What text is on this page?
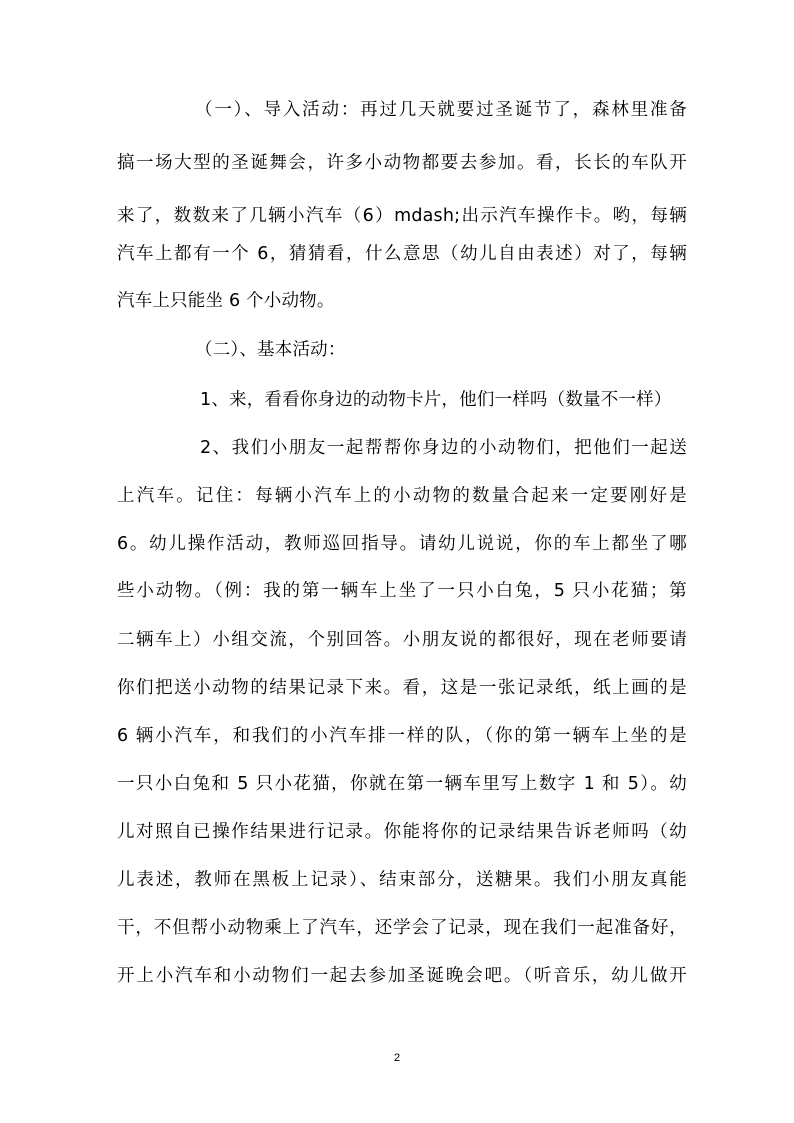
（一）、导入活动：再过几天就要过圣诞节了，森林里准备
搞一场大型的圣诞舞会，许多小动物都要去参加。看，长长的车队开
来了，数数来了几辆小汽车（6）mdash;出示汽车操作卡。哟，每辆
汽车上都有一个 6，猜猜看，什么意思（幼儿自由表述）对了，每辆
汽车上只能坐 6 个小动物。
（二）、基本活动：
1、来，看看你身边的动物卡片，他们一样吗（数量不一样）
2、我们小朋友一起帮帮你身边的小动物们，把他们一起送
上汽车。记住：每辆小汽车上的小动物的数量合起来一定要刚好是
6。幼儿操作活动，教师巡回指导。请幼儿说说，你的车上都坐了哪
些小动物。（例：我的第一辆车上坐了一只小白兔，5 只小花猫；第
二辆车上）小组交流，个别回答。小朋友说的都很好，现在老师要请
你们把送小动物的结果记录下来。看，这是一张记录纸，纸上画的是
6 辆小汽车，和我们的小汽车排一样的队，（你的第一辆车上坐的是
一只小白兔和 5 只小花猫，你就在第一辆车里写上数字 1 和 5）。幼
儿对照自已操作结果进行记录。你能将你的记录结果告诉老师吗（幼
儿表述，教师在黑板上记录）、结束部分，送糖果。我们小朋友真能
干，不但帮小动物乘上了汽车，还学会了记录，现在我们一起准备好，
开上小汽车和小动物们一起去参加圣诞晚会吧。（听音乐，幼儿做开
2
